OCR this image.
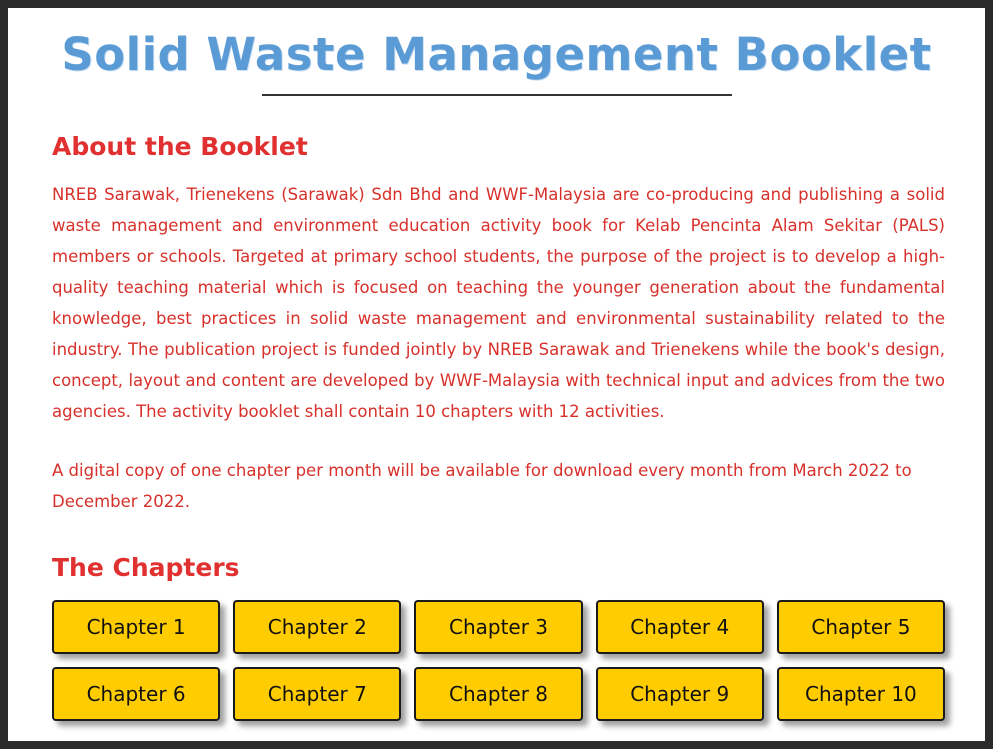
Solid Waste Management Booklet
About the Booklet

NREB Sarawak, Trienekens (Sarawak) Sdn Bhd and WWF-Malaysia are co-producing and publishing a solid waste management and environment education activity book for Kelab Pencinta Alam Sekitar (PALS) members or schools. Targeted at primary school students, the purpose of the project is to develop a high-quality teaching material which is focused on teaching the younger generation about the fundamental knowledge, best practices in solid waste management and environmental sustainability related to the industry. The publication project is funded jointly by NREB Sarawak and Trienekens while the book's design, concept, layout and content are developed by WWF-Malaysia with technical input and advices from the two agencies. The activity booklet shall contain 10 chapters with 12 activities.

A digital copy of one chapter per month will be available for download every month from March 2022 to December 2022.

The Chapters
Chapter 1	Chapter 2	Chapter 3	Chapter 4	Chapter 5
Chapter 6	Chapter 7	Chapter 8	Chapter 9	Chapter 10
